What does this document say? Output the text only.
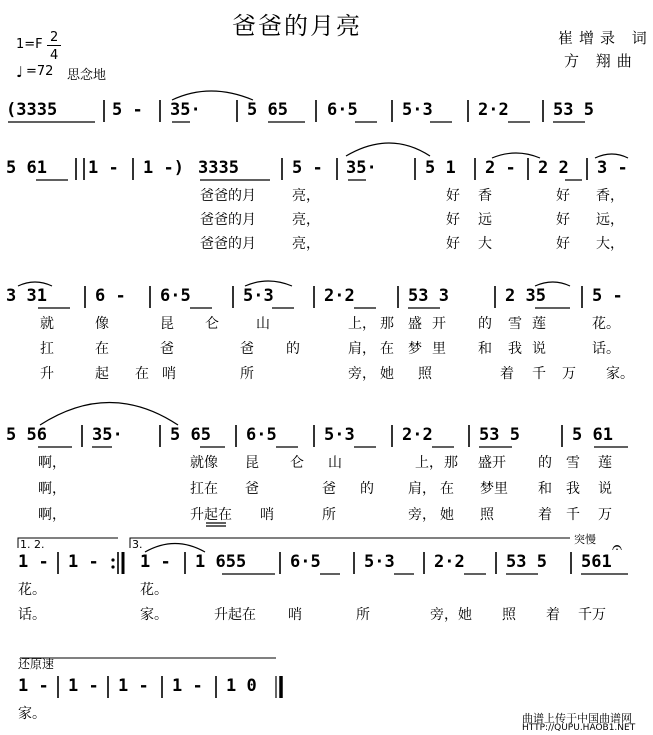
爸爸的月亮
1=F 2
4
♩ =72 思念地
崔增录 词
方 翔曲
(3335	5 - 35·	5 65 6·5	5·3	2·2	53 5
5 61 1 - 1 -) 3335	5 - 35·	5 1 2 - 2 2 3 -
3 31	6 - 6·5	5·3	2·2	53 3	2 35	5 -
5 56	35·	5 65 6·5	5·3	2·2	53 5	5 61
1 - 1 - 1 - 1 655	6·5	5·3 2·2 53 5 561
1 - 1 - 1 - 1 - 1 0
爸爸的月	亮，	好 香	好 香，
爸爸的月	亮，	好 远	好 远，
爸爸的月	亮，	好 大	好 大，
就	像	昆 仑	山	上， 那 盛 开 的 雪 莲	花。
扛	在	爸	爸 的	肩， 在 梦 里 和 我 说	话。
升	起 在 哨	所	旁， 她 照	着 千 万 家。
啊，	就像 昆 仑 山	上， 那 盛开 的 雪 莲
啊，	扛在 爸	爸 的 肩， 在 梦里 和 我 说
啊，	升起在 哨	所	旁， 她 照	着 千 万
花。	花。
话。	家。	升起在 哨	所	旁，她 照 着 千万
家。
1. 2.	3.	突慢 𝄐
还原速
曲谱上传于中国曲谱网
HTTP://QUPU.HAOB1.NET
